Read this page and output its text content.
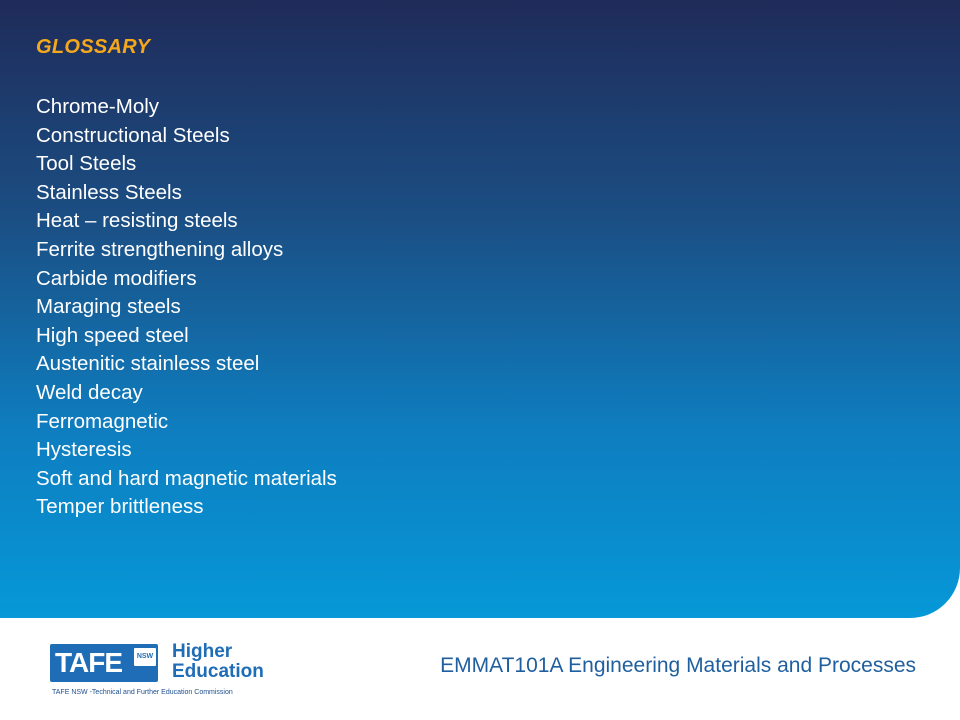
GLOSSARY
Chrome-Moly
Constructional Steels
Tool Steels
Stainless Steels
Heat – resisting steels
Ferrite strengthening alloys
Carbide modifiers
Maraging steels
High speed steel
Austenitic stainless steel
Weld decay
Ferromagnetic
Hysteresis
Soft and hard magnetic materials
Temper brittleness
TAFE	NSW Higher
Education
TAFE NSW -Technical and Further Education Commission
EMMAT101A Engineering Materials and Processes
